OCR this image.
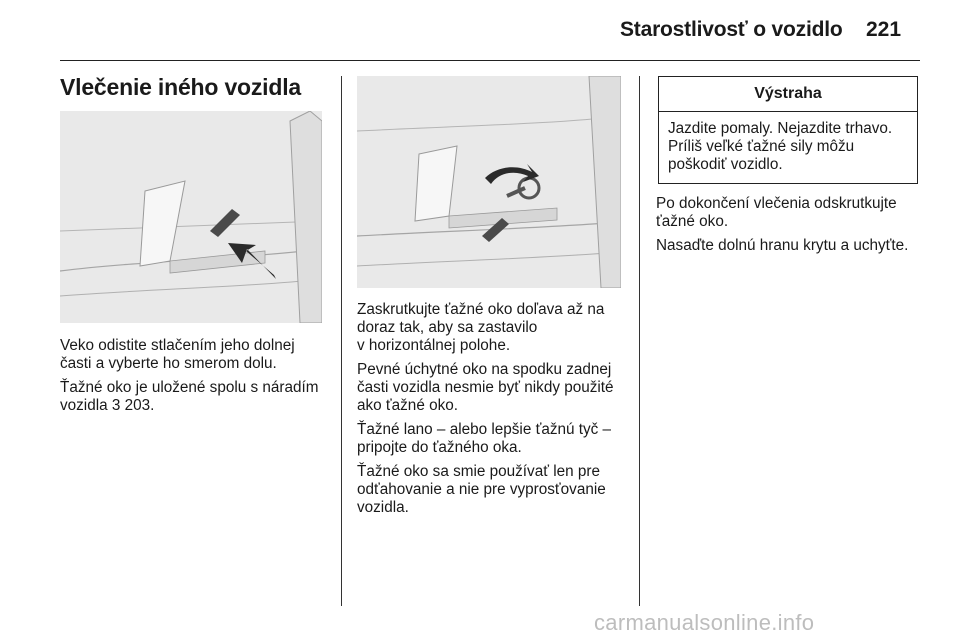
Starostlivosť o vozidlo 221
Vlečenie iného vozidla

Veko odistite stlačením jeho dolnej
časti a vyberte ho smerom dolu.

Ťažné oko je uložené spolu s náradím
vozidla 3 203.

Zaskrutkujte ťažné oko doľava až na
doraz tak, aby sa zastavilo
v horizontálnej polohe.

Pevné úchytné oko na spodku zadnej
časti vozidla nesmie byť nikdy použité
ako ťažné oko.

Ťažné lano – alebo lepšie ťažnú tyč –
pripojte do ťažného oka.

Ťažné oko sa smie používať len pre
odťahovanie a nie pre vyprosťovanie
vozidla.

Výstraha
Jazdite pomaly. Nejazdite trhavo.
Príliš veľké ťažné sily môžu
poškodiť vozidlo.

Po dokončení vlečenia odskrutkujte
ťažné oko.

Nasaďte dolnú hranu krytu a uchyťte.

carmanualsonline.info
